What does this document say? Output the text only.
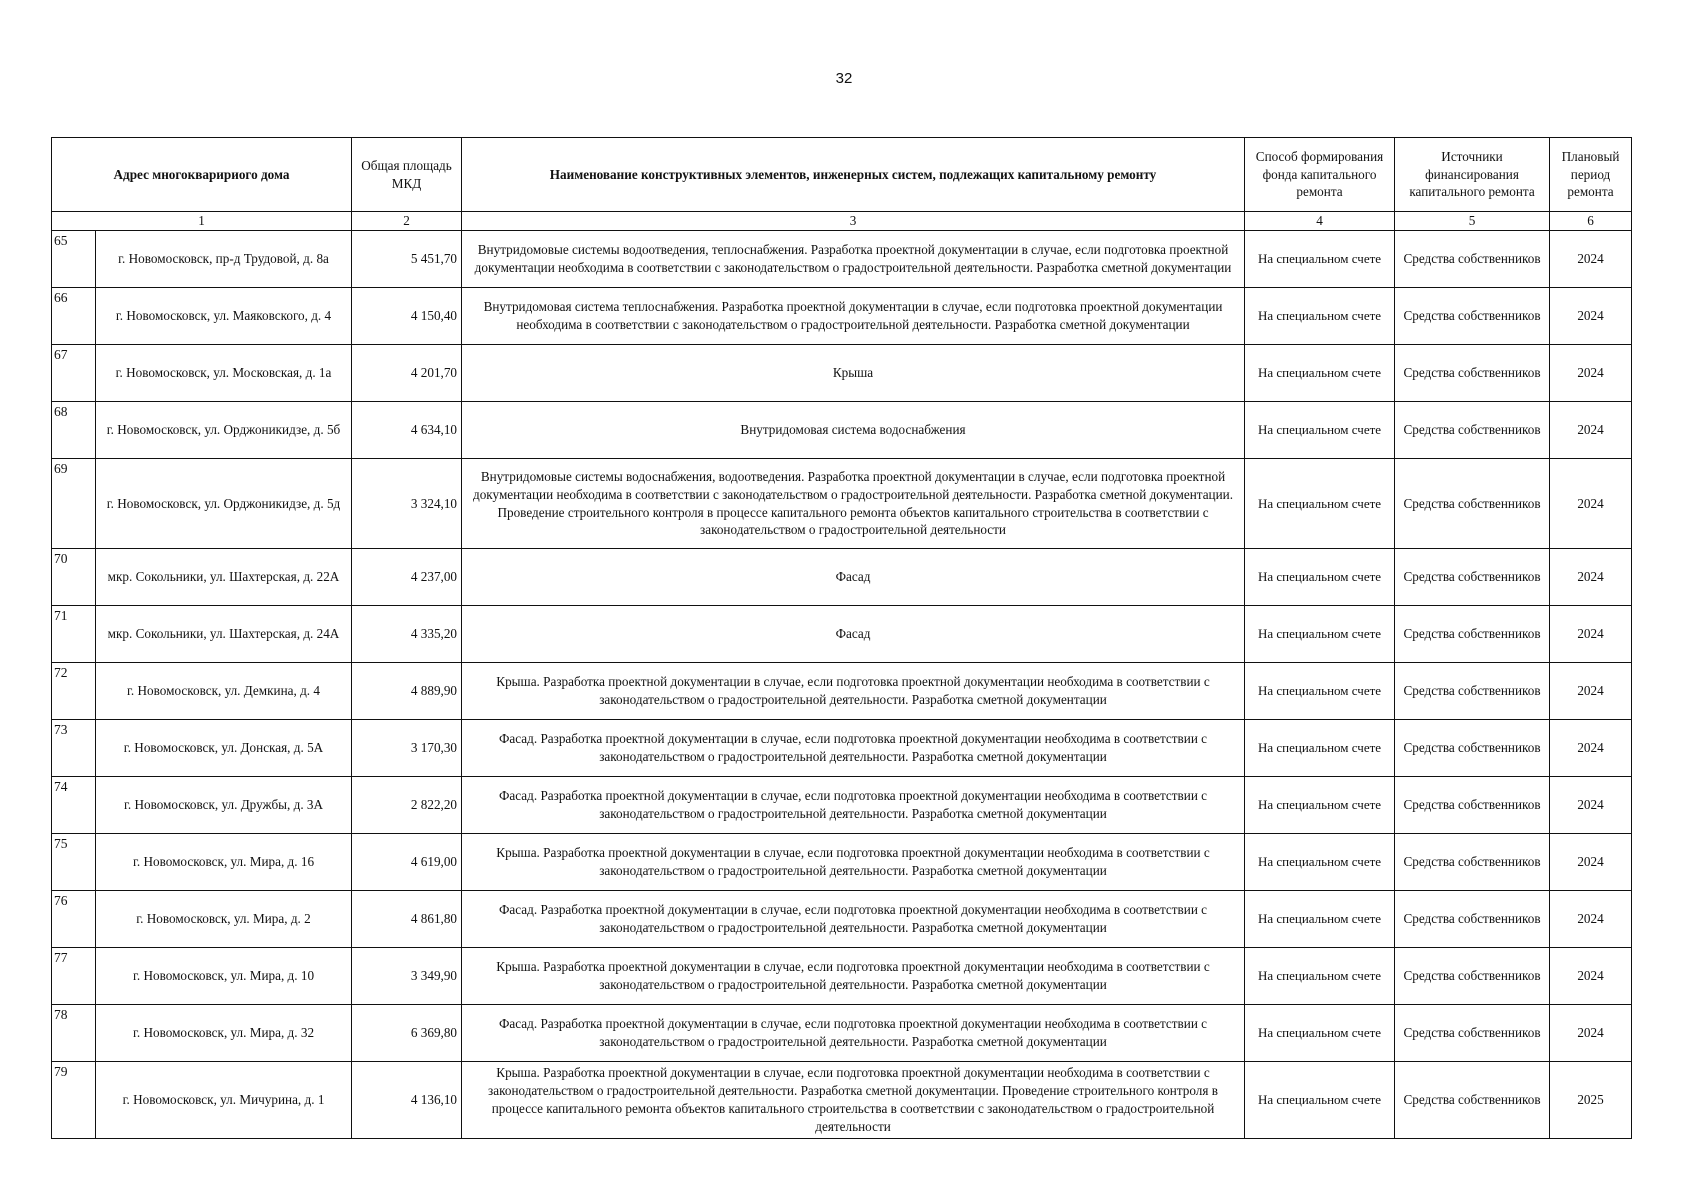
32
Адрес многокваририого дома		Общая площадь МКД	Наименование конструктивных элементов, инженерных систем, подлежащих капитальному ремонту	Способ формирования фонда капитального ремонта	Источники финансирования капитального ремонта	Плановый период ремонта
1		2	3	4	5	6
65	г. Новомосковск, пр-д Трудовой, д. 8а	5 451,70	Внутридомовые системы водоотведения, теплоснабжения. Разработка проектной документации в случае, если подготовка проектной документации необходима в соответствии с законодательством о градостроительной деятельности. Разработка сметной документации	На специальном счете	Средства собственников	2024
66	г. Новомосковск, ул. Маяковского, д. 4	4 150,40	Внутридомовая система теплоснабжения. Разработка проектной документации в случае, если подготовка проектной документации необходима в соответствии с законодательством о градостроительной деятельности. Разработка сметной документации	На специальном счете	Средства собственников	2024
67	г. Новомосковск, ул. Московская, д. 1а	4 201,70	Крыша	На специальном счете	Средства собственников	2024
68	г. Новомосковск, ул. Орджоникидзе, д. 5б	4 634,10	Внутридомовая система водоснабжения	На специальном счете	Средства собственников	2024
69	г. Новомосковск, ул. Орджоникидзе, д. 5д	3 324,10	Внутридомовые системы водоснабжения, водоотведения. Разработка проектной документации в случае, если подготовка проектной документации необходима в соответствии с законодательством о градостроительной деятельности. Разработка сметной документации. Проведение строительного контроля в процессе капитального ремонта объектов капитального строительства в соответствии с законодательством о градостроительной деятельности	На специальном счете	Средства собственников	2024
70	мкр. Сокольники, ул. Шахтерская, д. 22А	4 237,00	Фасад	На специальном счете	Средства собственников	2024
71	мкр. Сокольники, ул. Шахтерская, д. 24А	4 335,20	Фасад	На специальном счете	Средства собственников	2024
72	г. Новомосковск, ул. Демкина, д. 4	4 889,90	Крыша. Разработка проектной документации в случае, если подготовка проектной документации необходима в соответствии с законодательством о градостроительной деятельности. Разработка сметной документации	На специальном счете	Средства собственников	2024
73	г. Новомосковск, ул. Донская, д. 5А	3 170,30	Фасад. Разработка проектной документации в случае, если подготовка проектной документации необходима в соответствии с законодательством о градостроительной деятельности. Разработка сметной документации	На специальном счете	Средства собственников	2024
74	г. Новомосковск, ул. Дружбы, д. 3А	2 822,20	Фасад. Разработка проектной документации в случае, если подготовка проектной документации необходима в соответствии с законодательством о градостроительной деятельности. Разработка сметной документации	На специальном счете	Средства собственников	2024
75	г. Новомосковск, ул. Мира, д. 16	4 619,00	Крыша. Разработка проектной документации в случае, если подготовка проектной документации необходима в соответствии с законодательством о градостроительной деятельности. Разработка сметной документации	На специальном счете	Средства собственников	2024
76	г. Новомосковск, ул. Мира, д. 2	4 861,80	Фасад. Разработка проектной документации в случае, если подготовка проектной документации необходима в соответствии с законодательством о градостроительной деятельности. Разработка сметной документации	На специальном счете	Средства собственников	2024
77	г. Новомосковск, ул. Мира, д. 10	3 349,90	Крыша. Разработка проектной документации в случае, если подготовка проектной документации необходима в соответствии с законодательством о градостроительной деятельности. Разработка сметной документации	На специальном счете	Средства собственников	2024
78	г. Новомосковск, ул. Мира, д. 32	6 369,80	Фасад. Разработка проектной документации в случае, если подготовка проектной документации необходима в соответствии с законодательством о градостроительной деятельности. Разработка сметной документации	На специальном счете	Средства собственников	2024
79	г. Новомосковск, ул. Мичурина, д. 1	4 136,10	Крыша. Разработка проектной документации в случае, если подготовка проектной документации необходима в соответствии с законодательством о градостроительной деятельности. Разработка сметной документации. Проведение строительного контроля в процессе капитального ремонта объектов капитального строительства в соответствии с законодательством о градостроительной деятельности	На специальном счете	Средства собственников	2025
